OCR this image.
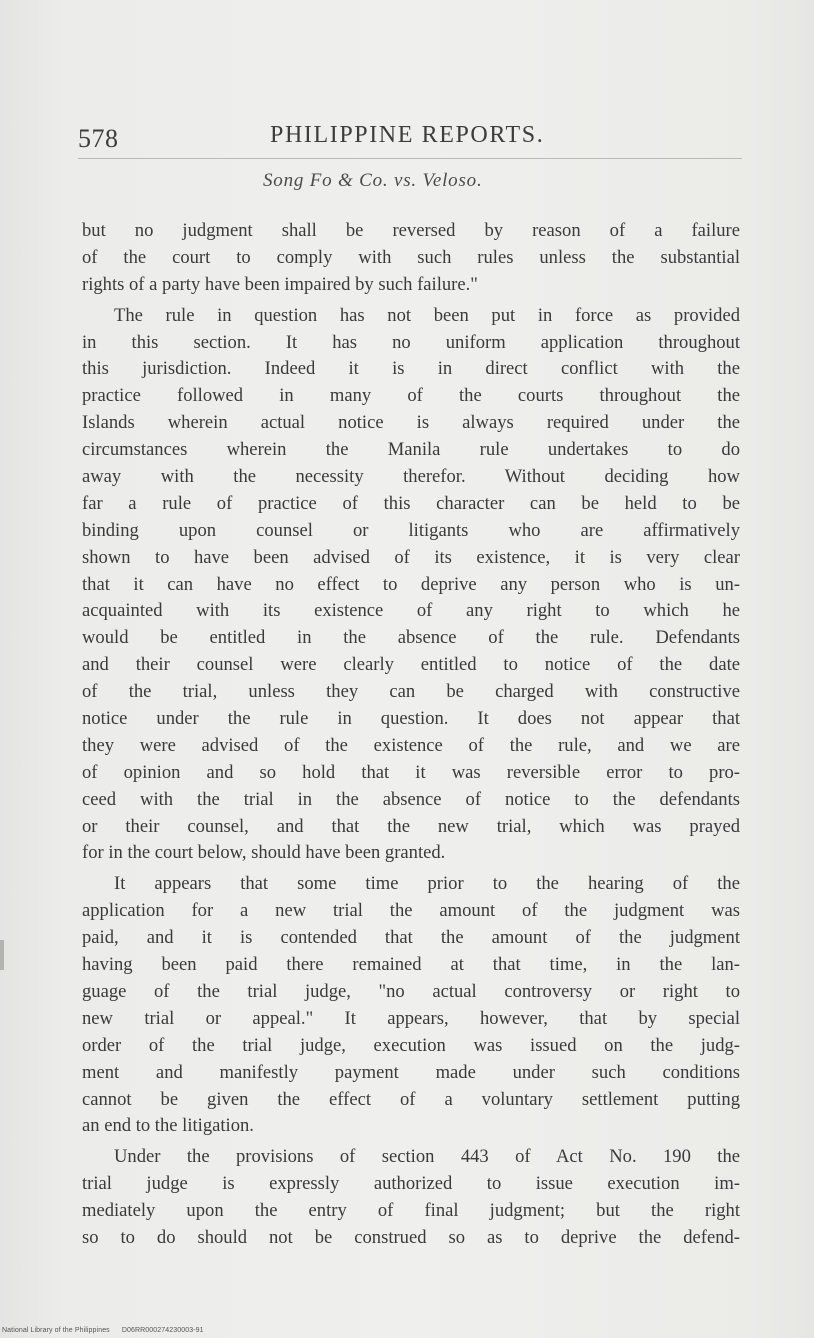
578	PHILIPPINE REPORTS.
Song Fo & Co. vs. Veloso.
but no judgment shall be reversed by reason of a failure
of the court to comply with such rules unless the substantial
rights of a party have been impaired by such failure."
The rule in question has not been put in force as provided
in this section. It has no uniform application throughout
this jurisdiction. Indeed it is in direct conflict with the
practice followed in many of the courts throughout the
Islands wherein actual notice is always required under the
circumstances wherein the Manila rule undertakes to do
away with the necessity therefor. Without deciding how
far a rule of practice of this character can be held to be
binding upon counsel or litigants who are affirmatively
shown to have been advised of its existence, it is very clear
that it can have no effect to deprive any person who is un-
acquainted with its existence of any right to which he
would be entitled in the absence of the rule. Defendants
and their counsel were clearly entitled to notice of the date
of the trial, unless they can be charged with constructive
notice under the rule in question. It does not appear that
they were advised of the existence of the rule, and we are
of opinion and so hold that it was reversible error to pro-
ceed with the trial in the absence of notice to the defendants
or their counsel, and that the new trial, which was prayed
for in the court below, should have been granted.
It appears that some time prior to the hearing of the
application for a new trial the amount of the judgment was
paid, and it is contended that the amount of the judgment
having been paid there remained at that time, in the lan-
guage of the trial judge, "no actual controversy or right to
new trial or appeal." It appears, however, that by special
order of the trial judge, execution was issued on the judg-
ment and manifestly payment made under such conditions
cannot be given the effect of a voluntary settlement putting
an end to the litigation.
Under the provisions of section 443 of Act No. 190 the
trial judge is expressly authorized to issue execution im-
mediately upon the entry of final judgment; but the right
so to do should not be construed so as to deprive the defend-
National Library of the Philippines D06RR000274230003-91
